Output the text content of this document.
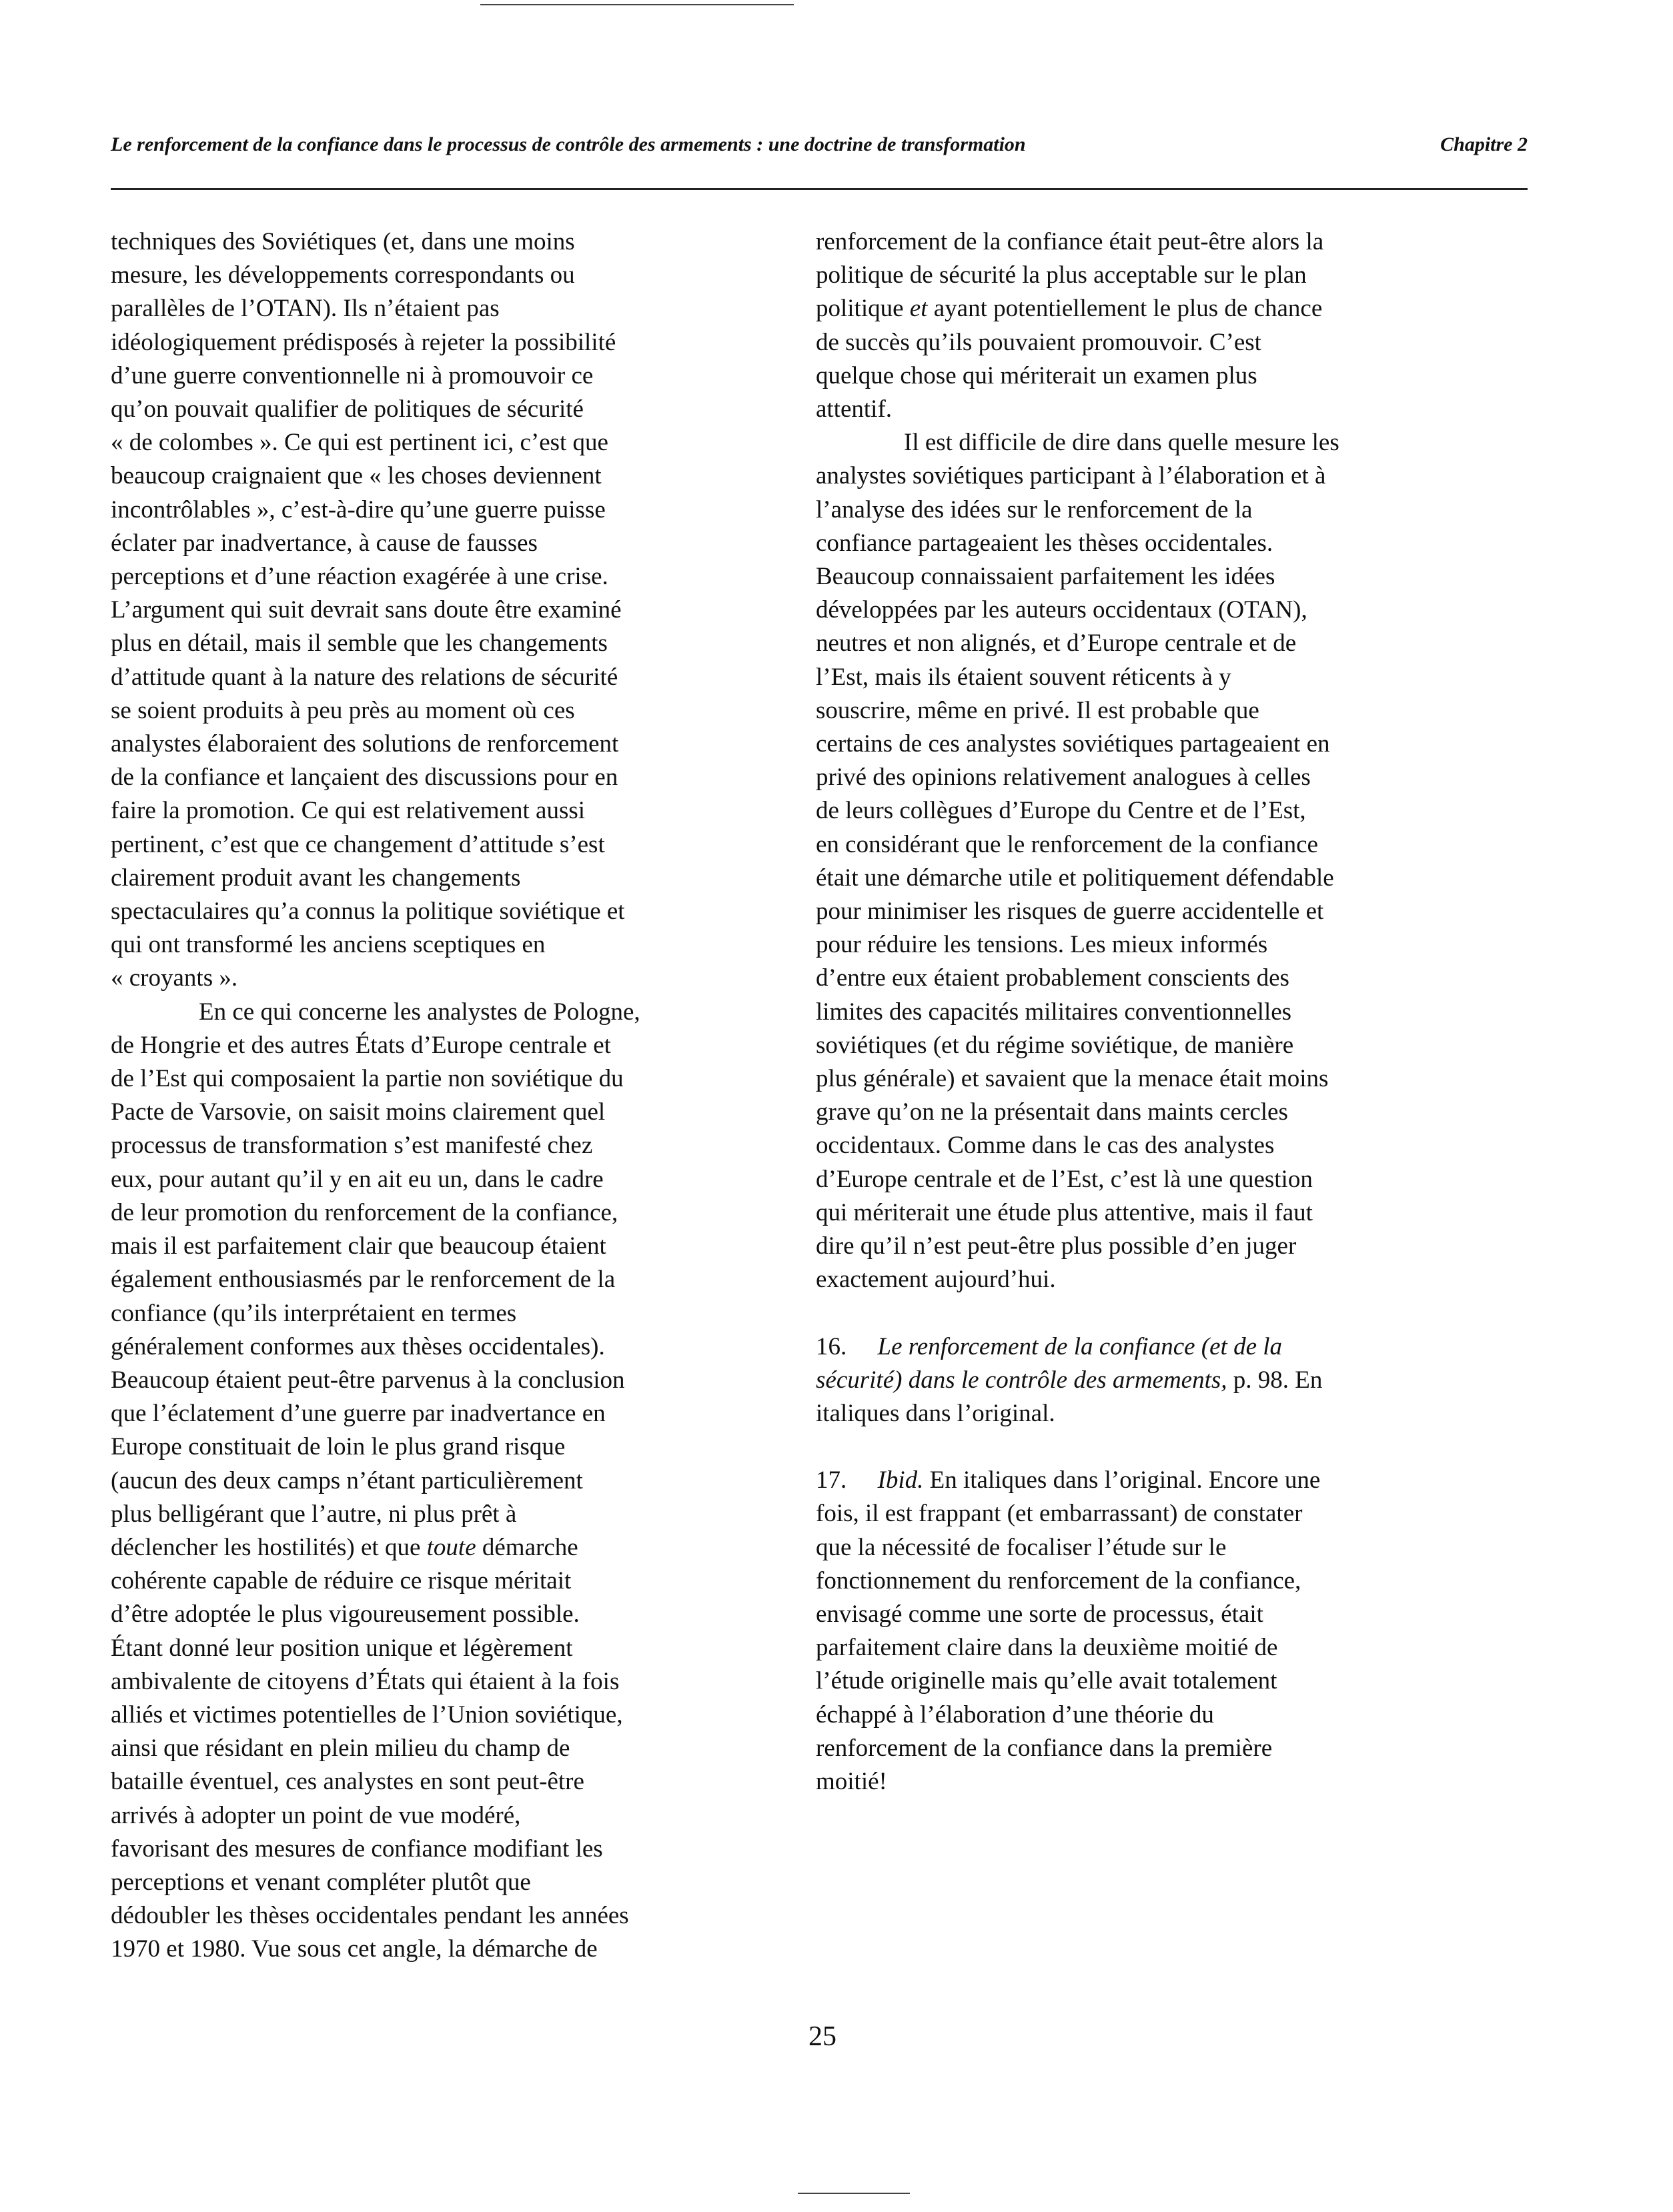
Le renforcement de la confiance dans le processus de contrôle des armements : une doctrine de transformation	Chapitre 2
techniques des Soviétiques (et, dans une moins
mesure, les développements correspondants ou
parallèles de l’OTAN). Ils n’étaient pas
idéologiquement prédisposés à rejeter la possibilité
d’une guerre conventionnelle ni à promouvoir ce
qu’on pouvait qualifier de politiques de sécurité
« de colombes ». Ce qui est pertinent ici, c’est que
beaucoup craignaient que « les choses deviennent
incontrôlables », c’est-à-dire qu’une guerre puisse
éclater par inadvertance, à cause de fausses
perceptions et d’une réaction exagérée à une crise.
L’argument qui suit devrait sans doute être examiné
plus en détail, mais il semble que les changements
d’attitude quant à la nature des relations de sécurité
se soient produits à peu près au moment où ces
analystes élaboraient des solutions de renforcement
de la confiance et lançaient des discussions pour en
faire la promotion. Ce qui est relativement aussi
pertinent, c’est que ce changement d’attitude s’est
clairement produit avant les changements
spectaculaires qu’a connus la politique soviétique et
qui ont transformé les anciens sceptiques en
« croyants ».
En ce qui concerne les analystes de Pologne,
de Hongrie et des autres États d’Europe centrale et
de l’Est qui composaient la partie non soviétique du
Pacte de Varsovie, on saisit moins clairement quel
processus de transformation s’est manifesté chez
eux, pour autant qu’il y en ait eu un, dans le cadre
de leur promotion du renforcement de la confiance,
mais il est parfaitement clair que beaucoup étaient
également enthousiasmés par le renforcement de la
confiance (qu’ils interprétaient en termes
généralement conformes aux thèses occidentales).
Beaucoup étaient peut-être parvenus à la conclusion
que l’éclatement d’une guerre par inadvertance en
Europe constituait de loin le plus grand risque
(aucun des deux camps n’étant particulièrement
plus belligérant que l’autre, ni plus prêt à
déclencher les hostilités) et que toute démarche
cohérente capable de réduire ce risque méritait
d’être adoptée le plus vigoureusement possible.
Étant donné leur position unique et légèrement
ambivalente de citoyens d’États qui étaient à la fois
alliés et victimes potentielles de l’Union soviétique,
ainsi que résidant en plein milieu du champ de
bataille éventuel, ces analystes en sont peut-être
arrivés à adopter un point de vue modéré,
favorisant des mesures de confiance modifiant les
perceptions et venant compléter plutôt que
dédoubler les thèses occidentales pendant les années
1970 et 1980. Vue sous cet angle, la démarche de
renforcement de la confiance était peut-être alors la
politique de sécurité la plus acceptable sur le plan
politique et ayant potentiellement le plus de chance
de succès qu’ils pouvaient promouvoir. C’est
quelque chose qui mériterait un examen plus
attentif.
Il est difficile de dire dans quelle mesure les
analystes soviétiques participant à l’élaboration et à
l’analyse des idées sur le renforcement de la
confiance partageaient les thèses occidentales.
Beaucoup connaissaient parfaitement les idées
développées par les auteurs occidentaux (OTAN),
neutres et non alignés, et d’Europe centrale et de
l’Est, mais ils étaient souvent réticents à y
souscrire, même en privé. Il est probable que
certains de ces analystes soviétiques partageaient en
privé des opinions relativement analogues à celles
de leurs collègues d’Europe du Centre et de l’Est,
en considérant que le renforcement de la confiance
était une démarche utile et politiquement défendable
pour minimiser les risques de guerre accidentelle et
pour réduire les tensions. Les mieux informés
d’entre eux étaient probablement conscients des
limites des capacités militaires conventionnelles
soviétiques (et du régime soviétique, de manière
plus générale) et savaient que la menace était moins
grave qu’on ne la présentait dans maints cercles
occidentaux. Comme dans le cas des analystes
d’Europe centrale et de l’Est, c’est là une question
qui mériterait une étude plus attentive, mais il faut
dire qu’il n’est peut-être plus possible d’en juger
exactement aujourd’hui.
16. Le renforcement de la confiance (et de la
sécurité) dans le contrôle des armements, p. 98. En
italiques dans l’original.
17. Ibid. En italiques dans l’original. Encore une
fois, il est frappant (et embarrassant) de constater
que la nécessité de focaliser l’étude sur le
fonctionnement du renforcement de la confiance,
envisagé comme une sorte de processus, était
parfaitement claire dans la deuxième moitié de
l’étude originelle mais qu’elle avait totalement
échappé à l’élaboration d’une théorie du
renforcement de la confiance dans la première
moitié!
25
